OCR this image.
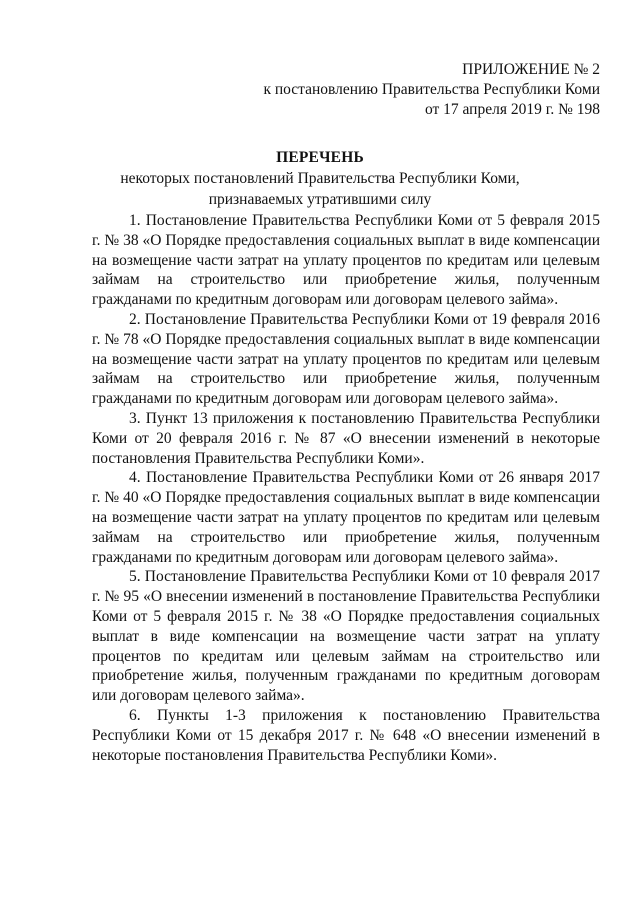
ПРИЛОЖЕНИЕ № 2
к постановлению Правительства Республики Коми
от 17 апреля 2019 г. № 198
ПЕРЕЧЕНЬ
некоторых постановлений Правительства Республики Коми,
признаваемых утратившими силу

1. Постановление Правительства Республики Коми от 5 февраля 2015 г. № 38 «О Порядке предоставления социальных выплат в виде компенсации на возмещение части затрат на уплату процентов по кредитам или целевым займам на строительство или приобретение жилья, полученным гражданами по кредитным договорам или договорам целевого займа».

2. Постановление Правительства Республики Коми от 19 февраля 2016 г. № 78 «О Порядке предоставления социальных выплат в виде компенсации на возмещение части затрат на уплату процентов по кредитам или целевым займам на строительство или приобретение жилья, полученным гражданами по кредитным договорам или договорам целевого займа».

3. Пункт 13 приложения к постановлению Правительства Республики Коми от 20 февраля 2016 г. № 87 «О внесении изменений в некоторые постановления Правительства Республики Коми».

4. Постановление Правительства Республики Коми от 26 января 2017 г. № 40 «О Порядке предоставления социальных выплат в виде компенсации на возмещение части затрат на уплату процентов по кредитам или целевым займам на строительство или приобретение жилья, полученным гражданами по кредитным договорам или договорам целевого займа».

5. Постановление Правительства Республики Коми от 10 февраля 2017 г. № 95 «О внесении изменений в постановление Правительства Республики Коми от 5 февраля 2015 г. № 38 «О Порядке предоставления социальных выплат в виде компенсации на возмещение части затрат на уплату процентов по кредитам или целевым займам на строительство или приобретение жилья, полученным гражданами по кредитным договорам или договорам целевого займа».

6. Пункты 1-3 приложения к постановлению Правительства Республики Коми от 15 декабря 2017 г. № 648 «О внесении изменений в некоторые постановления Правительства Республики Коми».
